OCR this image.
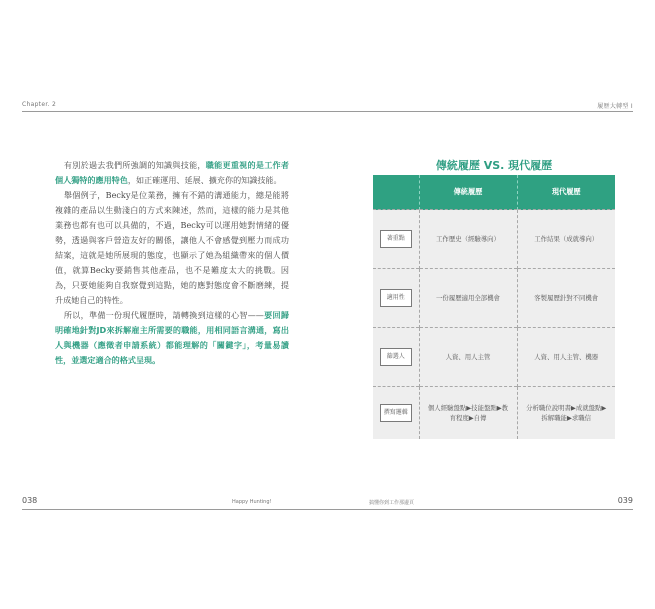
Chapter. 2

有別於過去我們所強調的知識與技能，職能更重視的是工作者個人獨特的應用特色，如正確運用、延展、擴充你的知識技能。

舉個例子，Becky是位業務，擁有不錯的溝通能力，總是能將複雜的產品以生動淺白的方式來陳述，然而，這樣的能力是其他業務也都有也可以具備的，不過，Becky可以運用她對情緒的優勢，透過與客戶營造友好的關係，讓他人不會感覺到壓力而成功結案，這就是她所展現的態度，也顯示了她為組織帶來的個人價值，就算Becky要銷售其他產品，也不是難度太大的挑戰。因為，只要她能夠自我察覺到這點，她的應對態度會不斷磨練，提升成她自己的特性。

所以，準備一份現代履歷時，請轉換到這樣的心智——要回歸明確地針對JD來拆解雇主所需要的職能，用相同語言溝通，寫出人與機器（應徵者申請系統）都能理解的「關鍵字」，考量易讀性，並選定適合的格式呈現。

038	Happy Hunting!
履歷大轉型 I
搞懂你到工作那邊頁	039
傳統履歷 VS. 現代履歷
	傳統履歷	現代履歷
著重點	工作歷史（經驗導向）	工作結果（成就導向）
適用性	一份履歷適用全部機會	客製履歷針對不同機會
篩選人	人資、用人主管	人資、用人主管、機器
撰寫邏輯	個人經驗盤點▶技能盤點▶教育程度▶自傳	分析職位說明書▶成就盤點▶拆解職能▶求職信
